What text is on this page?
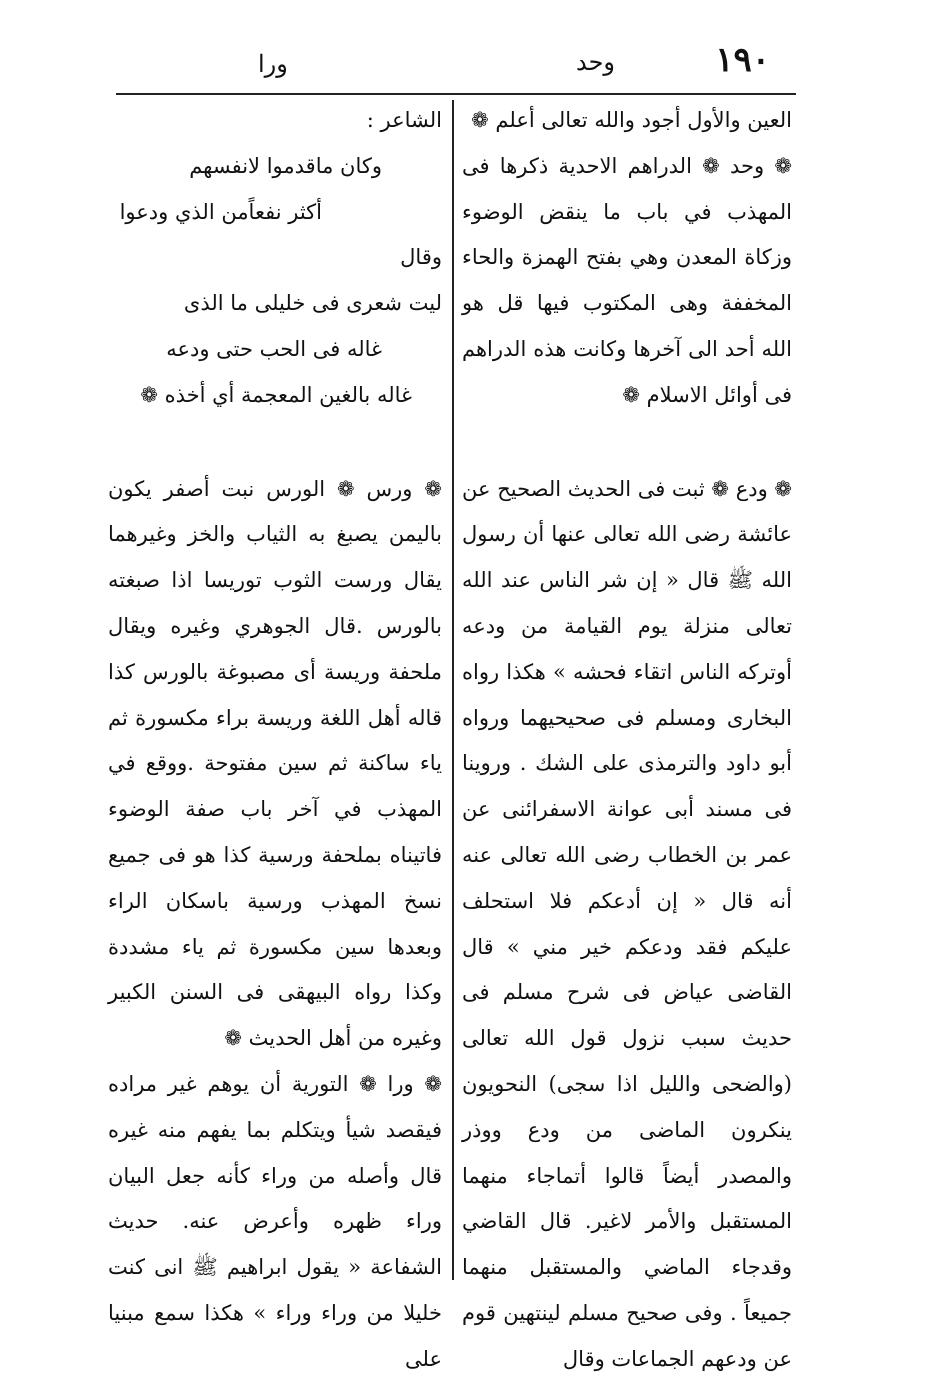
١٩٠
وحد
ورا

العين والأول أجود والله تعالى أعلم ❁

❁ وحد ❁ الدراهم الاحدية ذكرها فى المهذب في باب ما ينقض الوضوء وزكاة المعدن وهي بفتح الهمزة والحاء المخففة وهى المكتوب فيها قل هو الله أحد الى آخرها وكانت هذه الدراهم فى أوائل الاسلام ❁

❁ ودع ❁ ثبت فى الحديث الصحيح عن عائشة رضى الله تعالى عنها أن رسول الله ﷺ قال « إن شر الناس عند الله تعالى منزلة يوم القيامة من ودعه أوتركه الناس اتقاء فحشه » هكذا رواه البخارى ومسلم فى صحيحيهما ورواه أبو داود والترمذى على الشك . وروينا فى مسند أبى عوانة الاسفرائنى عن عمر بن الخطاب رضى الله تعالى عنه أنه قال « إن أدعكم فلا استحلف عليكم فقد ودعكم خير مني » قال القاضى عياض فى شرح مسلم فى حديث سبب نزول قول الله تعالى (والضحى والليل اذا سجى) النحويون ينكرون الماضى من ودع ووذر والمصدر أيضاً قالوا أتماجاء منهما المستقبل والأمر لاغير. قال القاضي وقدجاء الماضي والمستقبل منهما جميعاً . وفى صحيح مسلم لينتهين قوم عن ودعهم الجماعات وقال

الشاعر :

وكان ماقدموا لانفسهم

أكثر نفعاًمن الذي ودعوا

وقال

ليت شعرى فى خليلى ما الذى

غاله فى الحب حتى ودعه

غاله بالغين المعجمة أي أخذه ❁

❁ ورس ❁ الورس نبت أصفر يكون باليمن يصبغ به الثياب والخز وغيرهما يقال ورست الثوب توريسا اذا صبغته بالورس .قال الجوهري وغيره ويقال ملحفة وريسة أى مصبوغة بالورس كذا قاله أهل اللغة وريسة براء مكسورة ثم ياء ساكنة ثم سين مفتوحة .ووقع في المهذب في آخر باب صفة الوضوء فاتيناه بملحفة ورسية كذا هو فى جميع نسخ المهذب ورسية باسكان الراء وبعدها سين مكسورة ثم ياء مشددة وكذا رواه البيهقى فى السنن الكبير وغيره من أهل الحديث ❁

❁ ورا ❁ التورية أن يوهم غير مراده فيقصد شيأ ويتكلم بما يفهم منه غيره قال وأصله من وراء كأنه جعل البيان وراء ظهره وأعرض عنه. حديث الشفاعة « يقول ابراهيم ﷺ انى كنت خليلا من وراء وراء » هكذا سمع مبنيا على
